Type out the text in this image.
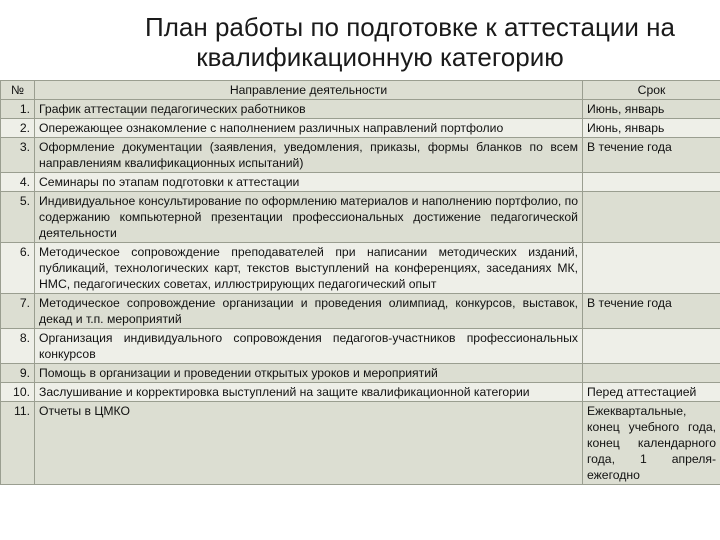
План работы по подготовке к аттестации на
квалификационную категорию
№	Направление деятельности	Срок
1.	График аттестации педагогических работников	Июнь, январь
2.	Опережающее ознакомление с наполнением различных направлений портфолио	Июнь, январь
3.	Оформление документации (заявления, уведомления, приказы, формы бланков по всем направлениям квалификационных испытаний)	В течение года
4.	Семинары по этапам подготовки к аттестации	
5.	Индивидуальное консультирование по оформлению материалов и наполнению портфолио, по содержанию компьютерной презентации профессиональных достижение педагогической деятельности	
6.	Методическое сопровождение преподавателей при написании методических изданий, публикаций, технологических карт, текстов выступлений на конференциях, заседаниях МК, НМС, педагогических советах, иллюстрирующих педагогический опыт	
7.	Методическое сопровождение организации и проведения олимпиад, конкурсов, выставок, декад и т.п. мероприятий	В течение года
8.	Организация индивидуального сопровождения педагогов-участников профессиональных конкурсов	
9.	Помощь в организации и проведении открытых уроков и мероприятий	
10.	Заслушивание и корректировка выступлений на защите квалификационной категории	Перед аттестацией
11.	Отчеты в ЦМКО	Ежеквартальные, конец учебного года, конец календарного года, 1 апреля-ежегодно
